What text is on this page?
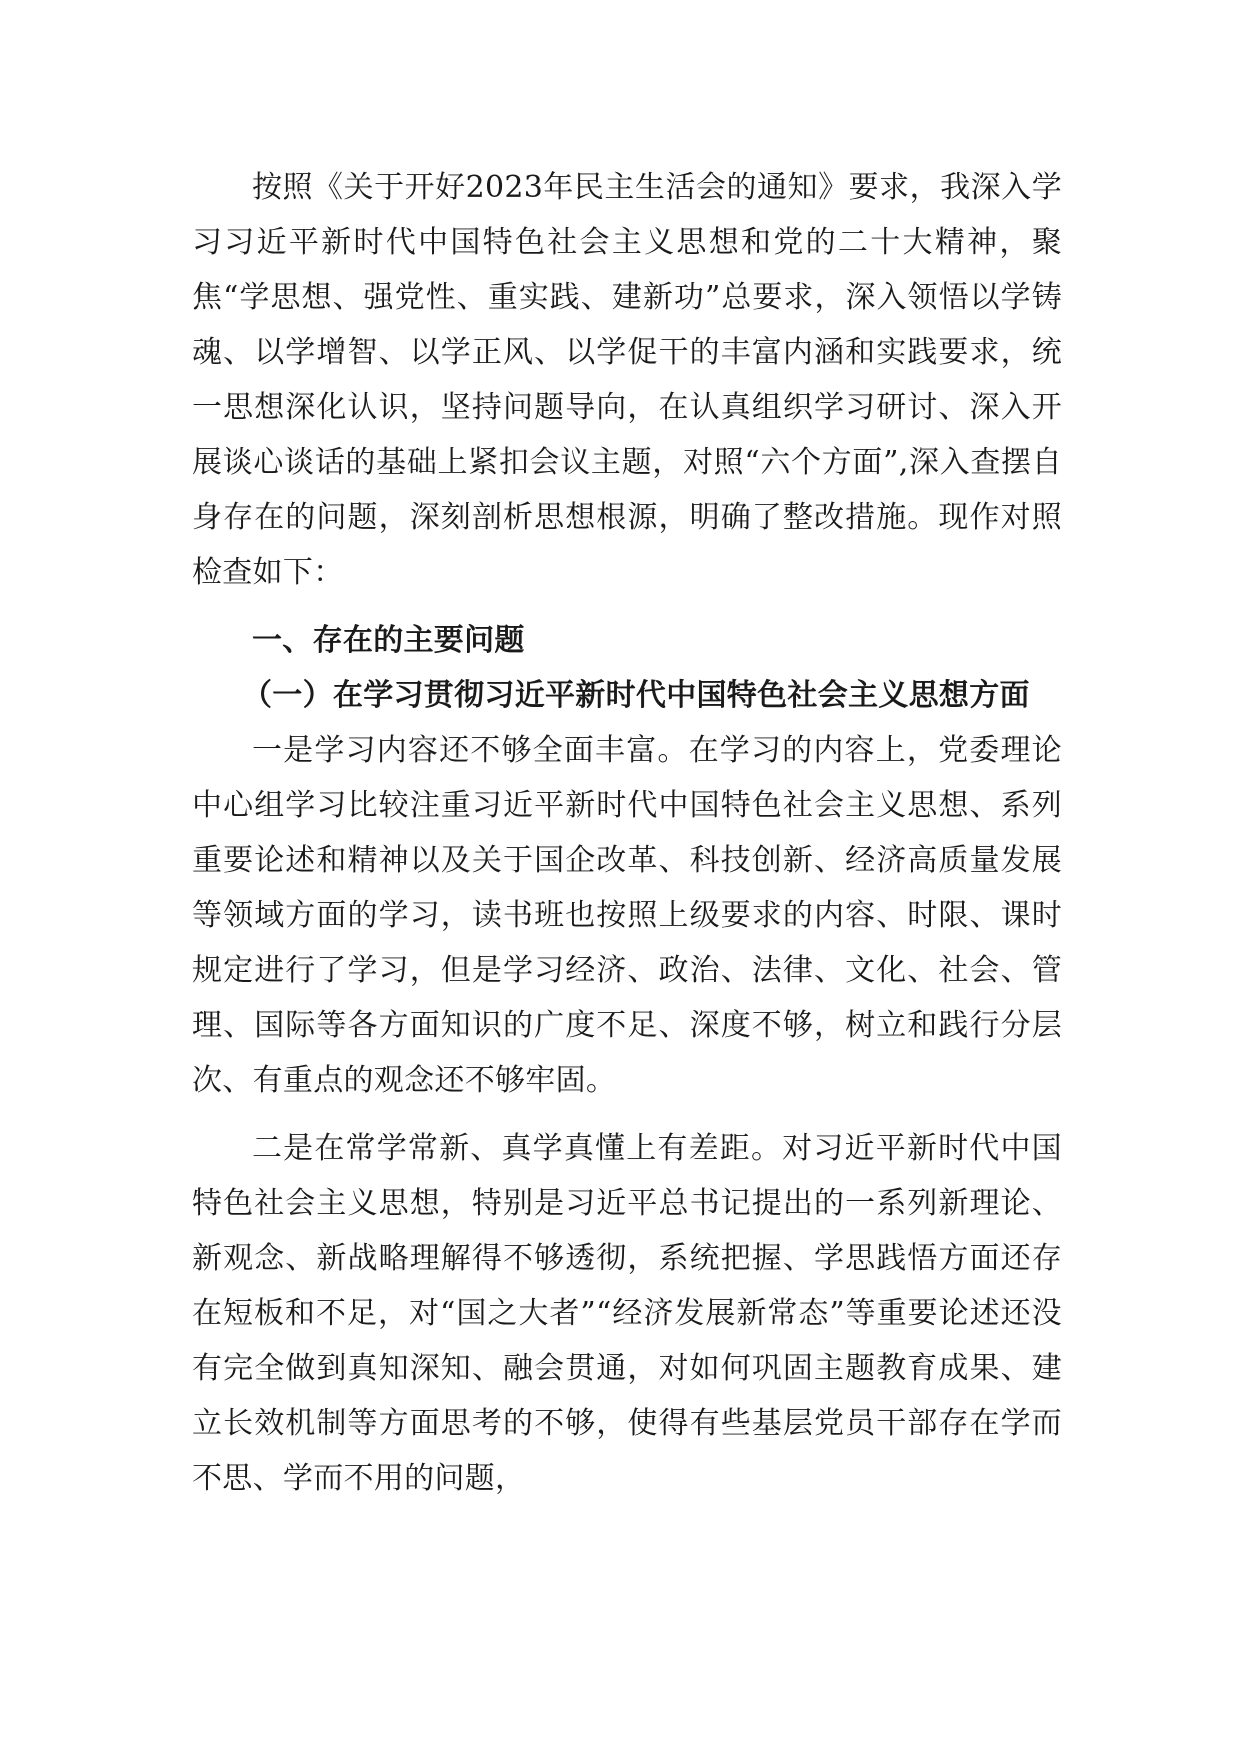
按照《关于开好2023年民主生活会的通知》要求，我深入学习习近平新时代中国特色社会主义思想和党的二十大精神，聚焦“学思想、强党性、重实践、建新功”总要求，深入领悟以学铸魂、以学增智、以学正风、以学促干的丰富内涵和实践要求，统一思想深化认识，坚持问题导向，在认真组织学习研讨、深入开展谈心谈话的基础上紧扣会议主题，对照“六个方面”,深入查摆自身存在的问题，深刻剖析思想根源，明确了整改措施。现作对照检查如下：

一、存在的主要问题

（一）在学习贯彻习近平新时代中国特色社会主义思想方面

一是学习内容还不够全面丰富。在学习的内容上，党委理论中心组学习比较注重习近平新时代中国特色社会主义思想、系列重要论述和精神以及关于国企改革、科技创新、经济高质量发展等领域方面的学习，读书班也按照上级要求的内容、时限、课时规定进行了学习，但是学习经济、政治、法律、文化、社会、管理、国际等各方面知识的广度不足、深度不够，树立和践行分层次、有重点的观念还不够牢固。

二是在常学常新、真学真懂上有差距。对习近平新时代中国特色社会主义思想，特别是习近平总书记提出的一系列新理论、新观念、新战略理解得不够透彻，系统把握、学思践悟方面还存在短板和不足，对“国之大者”“经济发展新常态”等重要论述还没有完全做到真知深知、融会贯通，对如何巩固主题教育成果、建立长效机制等方面思考的不够，使得有些基层党员干部存在学而不思、学而不用的问题，
